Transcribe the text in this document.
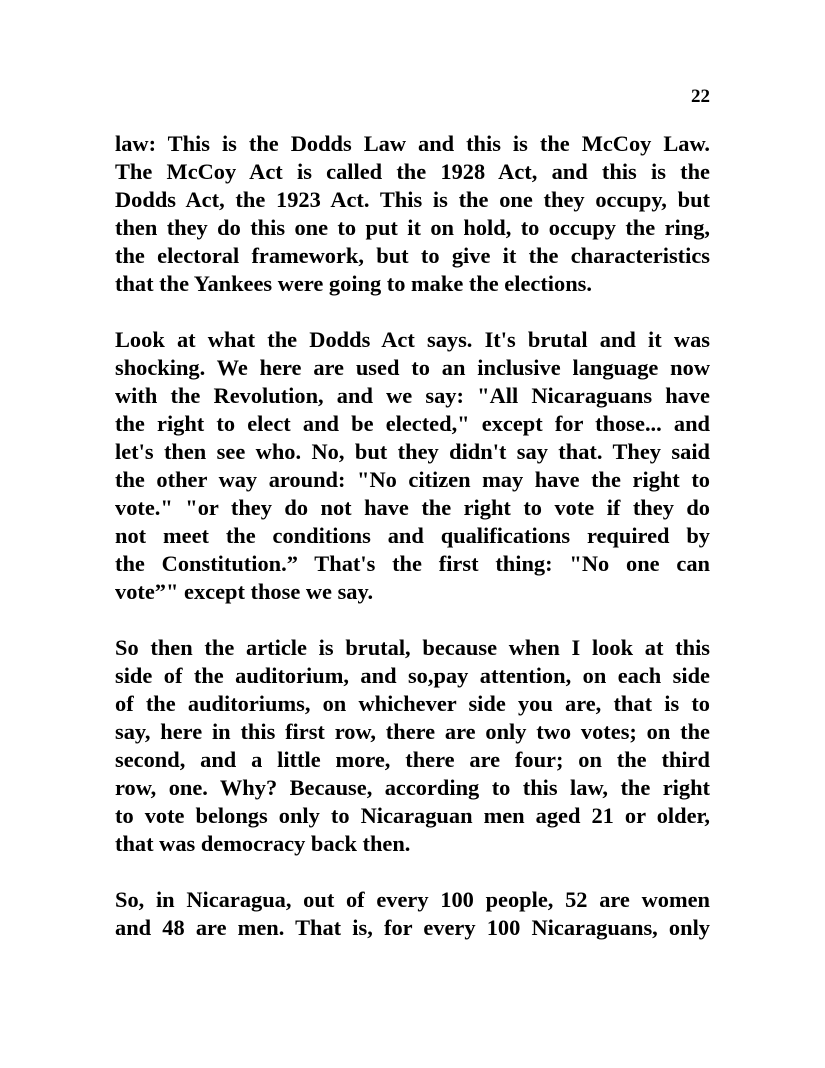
22

law: This is the Dodds Law and this is the McCoy Law.
The McCoy Act is called the 1928 Act, and this is the
Dodds Act, the 1923 Act. This is the one they occupy, but
then they do this one to put it on hold, to occupy the ring,
the electoral framework, but to give it the characteristics
that the Yankees were going to make the elections.

Look at what the Dodds Act says. It's brutal and it was
shocking. We here are used to an inclusive language now
with the Revolution, and we say: "All Nicaraguans have
the right to elect and be elected," except for those... and
let's then see who. No, but they didn't say that. They said
the other way around: "No citizen may have the right to
vote." "or they do not have the right to vote if they do
not meet the conditions and qualifications required by
the Constitution.” That's the first thing: "No one can
vote”" except those we say.

So then the article is brutal, because when I look at this
side of the auditorium, and so,pay attention, on each side
of the auditoriums, on whichever side you are, that is to
say, here in this first row, there are only two votes; on the
second, and a little more, there are four; on the third
row, one. Why? Because, according to this law, the right
to vote belongs only to Nicaraguan men aged 21 or older,
that was democracy back then.

So, in Nicaragua, out of every 100 people, 52 are women
and 48 are men. That is, for every 100 Nicaraguans, only
